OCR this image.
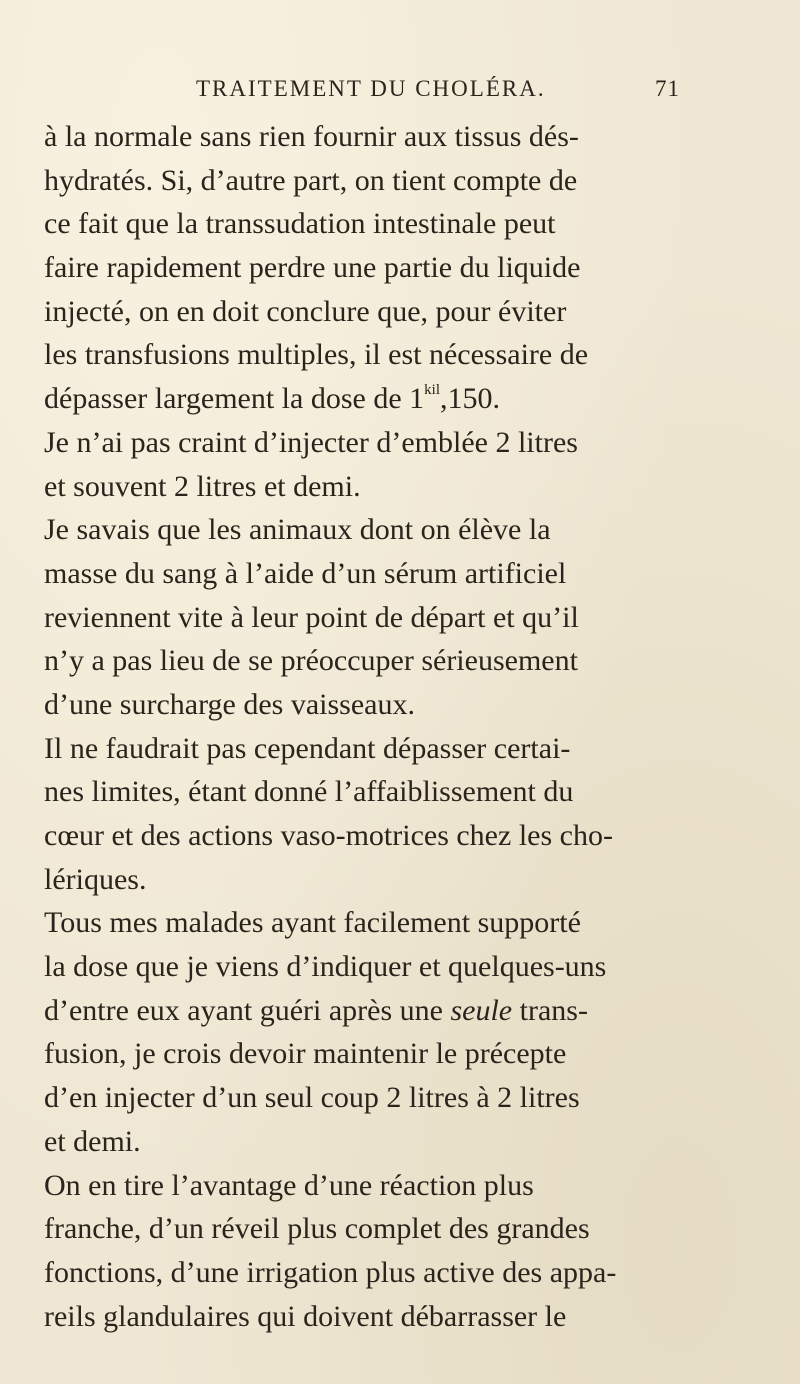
TRAITEMENT DU CHOLÉRA.	71
à la normale sans rien fournir aux tissus dés-
hydratés. Si, d’autre part, on tient compte de
ce fait que la transsudation intestinale peut
faire rapidement perdre une partie du liquide
injecté, on en doit conclure que, pour éviter
les transfusions multiples, il est nécessaire de
dépasser largement la dose de $1^{kil},150$.
Je n’ai pas craint d’injecter d’emblée 2 litres
et souvent 2 litres et demi.
Je savais que les animaux dont on élève la
masse du sang à l’aide d’un sérum artificiel
reviennent vite à leur point de départ et qu’il
n’y a pas lieu de se préoccuper sérieusement
d’une surcharge des vaisseaux.
Il ne faudrait pas cependant dépasser certai-
nes limites, étant donné l’affaiblissement du
cœur et des actions vaso-motrices chez les cho-
lériques.
Tous mes malades ayant facilement supporté
la dose que je viens d’indiquer et quelques-uns
d’entre eux ayant guéri après une seule trans-
fusion, je crois devoir maintenir le précepte
d’en injecter d’un seul coup 2 litres à 2 litres
et demi.
On en tire l’avantage d’une réaction plus
franche, d’un réveil plus complet des grandes
fonctions, d’une irrigation plus active des appa-
reils glandulaires qui doivent débarrasser le
